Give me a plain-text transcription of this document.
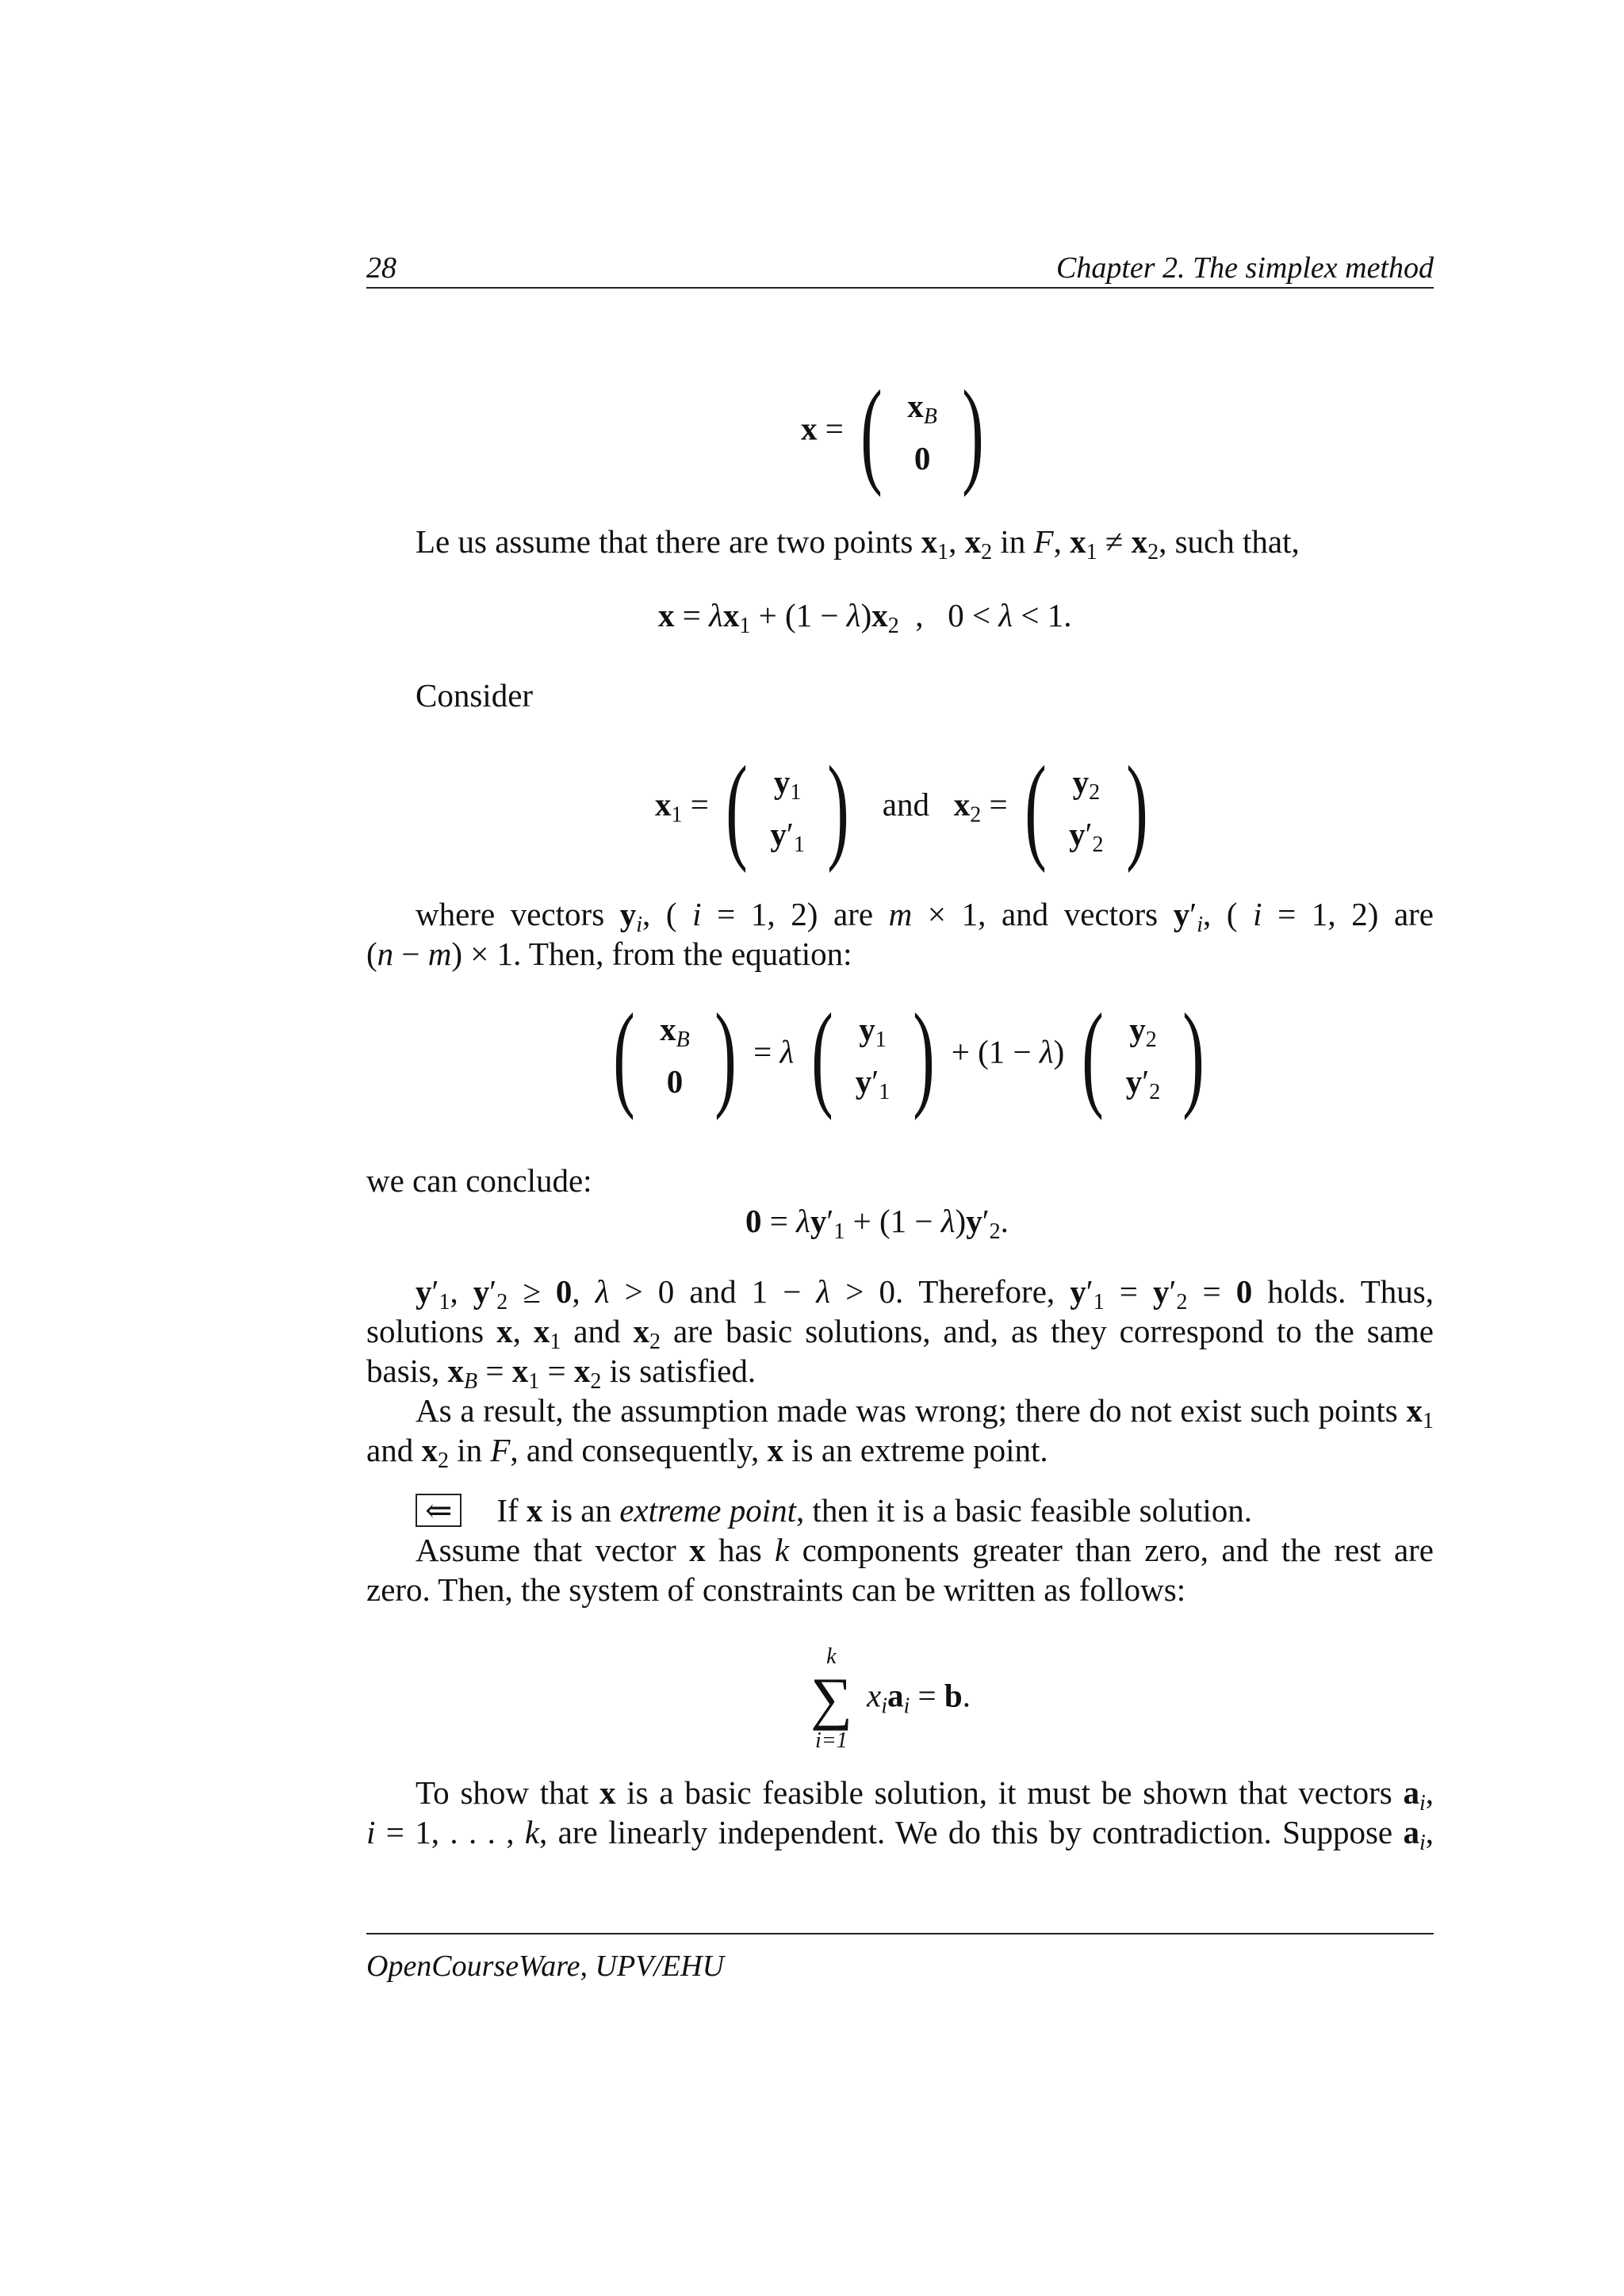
28	Chapter 2. The simplex method
x = ( $x_B$
0 )

Le us assume that there are two points $x_1$, $x_2$ in F, $x_1 \ne x_2$, such that,

$x = \lambda x_1 + (1 - \lambda)x_2$  ,   0 < λ < 1.

Consider

$x_1$ = ( $y_1$
$y'_1$ ) and $x_2$ = ( $y_2$
$y'_2$ )

where vectors $y_i$, ( i = 1, 2) are m × 1, and vectors $y'_i$, ( i = 1, 2) are

(n − m) × 1. Then, from the equation:

( $x_B$
0 ) = λ ( $y_1$
$y'_1$ ) + (1 − λ) ( $y_2$
$y'_2$ )

we can conclude:

$0 = \lambda y'_1 + (1 - \lambda)y'_2$.

$y'_1$, $y'_2 \ge 0$, λ > 0 and 1 − λ > 0. Therefore, $y'_1 = y'_2 = 0$ holds. Thus,

solutions x, $x_1$ and $x_2$ are basic solutions, and, as they correspond to the same

basis, $x_B = x_1 = x_2$ is satisfied.

As a result, the assumption made was wrong; there do not exist such points $x_1$

and $x_2$ in F, and consequently, x is an extreme point.

⇐ If x is an extreme point, then it is a basic feasible solution.

Assume that vector x has k components greater than zero, and the rest are

zero. Then, the system of constraints can be written as follows:

k
∑
i=1
$x_ia_i = b$.

To show that x is a basic feasible solution, it must be shown that vectors $a_i$,

i = 1, . . . , k, are linearly independent. We do this by contradiction. Suppose $a_i$,

OpenCourseWare, UPV/EHU
